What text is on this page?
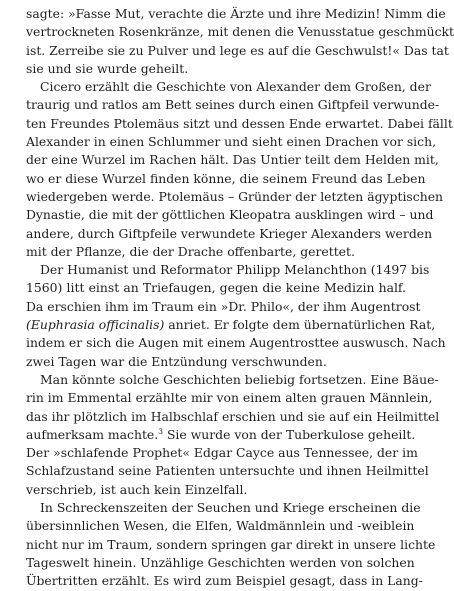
sagte: »Fasse Mut, verachte die Ärzte und ihre Medizin! Nimm die
vertrockneten Rosenkränze, mit denen die Venusstatue geschmückt
ist. Zerreibe sie zu Pulver und lege es auf die Geschwulst!« Das tat
sie und sie wurde geheilt.
Cicero erzählt die Geschichte von Alexander dem Großen, der
traurig und ratlos am Bett seines durch einen Giftpfeil verwunde-
ten Freundes Ptolemäus sitzt und dessen Ende erwartet. Dabei fällt
Alexander in einen Schlummer und sieht einen Drachen vor sich,
der eine Wurzel im Rachen hält. Das Untier teilt dem Helden mit,
wo er diese Wurzel finden könne, die seinem Freund das Leben
wiedergeben werde. Ptolemäus – Gründer der letzten ägyptischen
Dynastie, die mit der göttlichen Kleopatra ausklingen wird – und
andere, durch Giftpfeile verwundete Krieger Alexanders werden
mit der Pflanze, die der Drache offenbarte, gerettet.
Der Humanist und Reformator Philipp Melanchthon (1497 bis
1560) litt einst an Triefaugen, gegen die keine Medizin half.
Da erschien ihm im Traum ein »Dr. Philo«, der ihm Augentrost
(Euphrasia officinalis) anriet. Er folgte dem übernatürlichen Rat,
indem er sich die Augen mit einem Augentrosttee auswusch. Nach
zwei Tagen war die Entzündung verschwunden.
Man könnte solche Geschichten beliebig fortsetzen. Eine Bäue-
rin im Emmental erzählte mir von einem alten grauen Männlein,
das ihr plötzlich im Halbschlaf erschien und sie auf ein Heilmittel
aufmerksam machte.$^3$ Sie wurde von der Tuberkulose geheilt.
Der »schlafende Prophet« Edgar Cayce aus Tennessee, der im
Schlafzustand seine Patienten untersuchte und ihnen Heilmittel
verschrieb, ist auch kein Einzelfall.
In Schreckenszeiten der Seuchen und Kriege erscheinen die
übersinnlichen Wesen, die Elfen, Waldmännlein und -weiblein
nicht nur im Traum, sondern springen gar direkt in unsere lichte
Tageswelt hinein. Unzählige Geschichten werden von solchen
Übertritten erzählt. Es wird zum Beispiel gesagt, dass in Lang-
